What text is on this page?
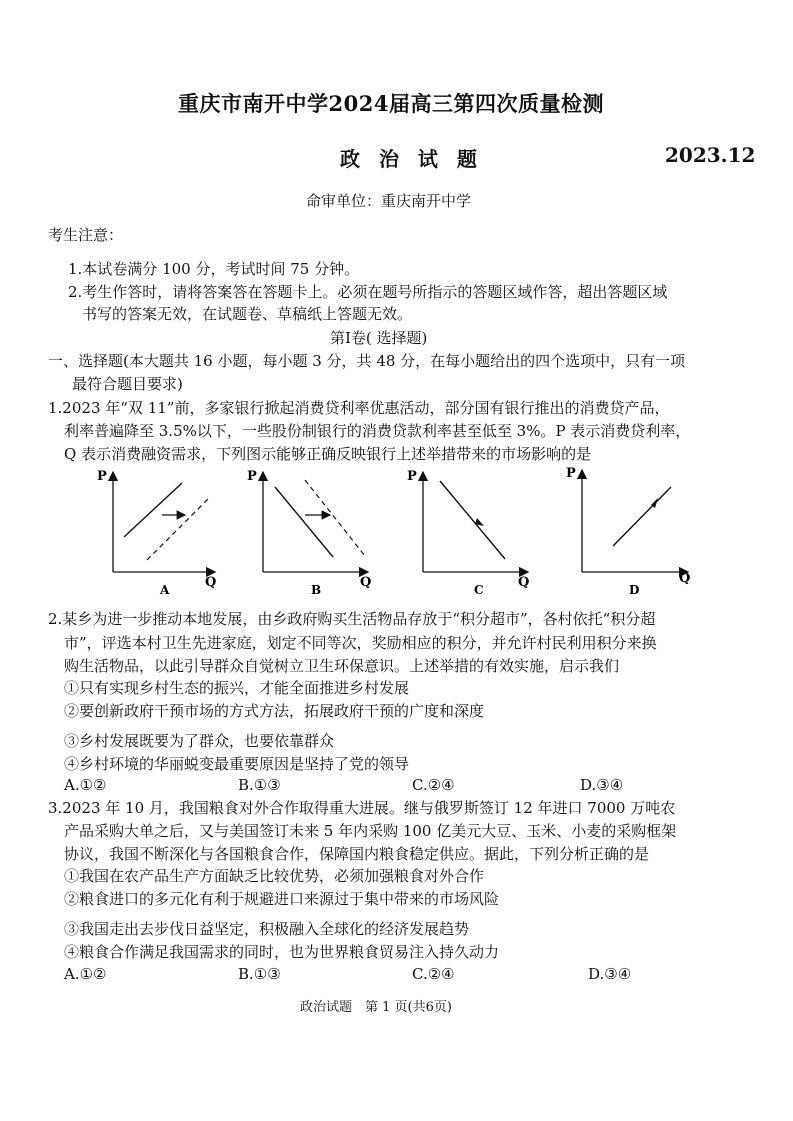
重庆市南开中学2024届高三第四次质量检测
政 治 试 题	2023.12
命审单位：重庆南开中学
考生注意：
1.本试卷满分 100 分，考试时间 75 分钟。
2.考生作答时，请将答案答在答题卡上。必须在题号所指示的答题区域作答，超出答题区域
书写的答案无效，在试题卷、草稿纸上答题无效。
第Ⅰ卷( 选择题)
一、选择题(本大题共 16 小题，每小题 3 分，共 48 分，在每小题给出的四个选项中，只有一项
最符合题目要求)
1.2023 年“双 11”前，多家银行掀起消费贷利率优惠活动，部分国有银行推出的消费贷产品，
利率普遍降至 3.5%以下，一些股份制银行的消费贷款利率甚至低至 3%。P 表示消费贷利率，
Q 表示消费融资需求，下列图示能够正确反映银行上述举措带来的市场影响的是
P
Q
A
P
Q
B
P
Q
C
P
Q
D
2.某乡为进一步推动本地发展，由乡政府购买生活物品存放于“积分超市”，各村依托“积分超
市”，评选本村卫生先进家庭，划定不同等次，奖励相应的积分，并允许村民利用积分来换
购生活物品，以此引导群众自觉树立卫生环保意识。上述举措的有效实施，启示我们
①只有实现乡村生态的振兴，才能全面推进乡村发展
②要创新政府干预市场的方式方法，拓展政府干预的广度和深度
③乡村发展既要为了群众，也要依靠群众
④乡村环境的华丽蜕变最重要原因是坚持了党的领导
A.①②	B.①③	C.②④	D.③④
3.2023 年 10 月，我国粮食对外合作取得重大进展。继与俄罗斯签订 12 年进口 7000 万吨农
产品采购大单之后，又与美国签订未来 5 年内采购 100 亿美元大豆、玉米、小麦的采购框架
协议，我国不断深化与各国粮食合作，保障国内粮食稳定供应。据此，下列分析正确的是
①我国在农产品生产方面缺乏比较优势，必须加强粮食对外合作
②粮食进口的多元化有利于规避进口来源过于集中带来的市场风险
③我国走出去步伐日益坚定，积极融入全球化的经济发展趋势
④粮食合作满足我国需求的同时，也为世界粮食贸易注入持久动力
A.①②	B.①③	C.②④	D.③④
政治试题　第 1 页(共6页)
